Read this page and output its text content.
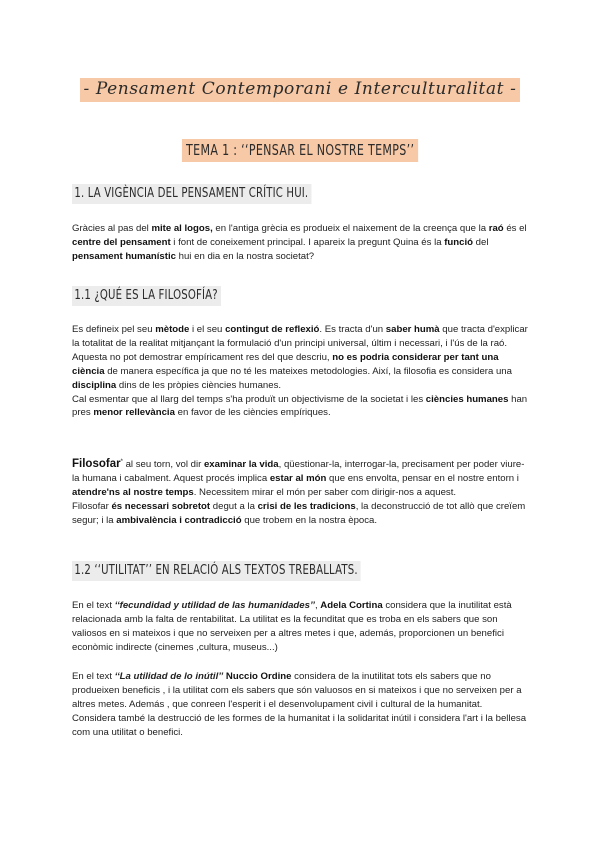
- Pensament Contemporani e Interculturalitat -
TEMA 1 : ‘‘PENSAR EL NOSTRE TEMPS’’
1. LA VIGÈNCIA DEL PENSAMENT CRÍTIC HUI.

Gràcies al pas del mite al logos, en l'antiga grècia es produeix el naixement de la creença que la raó és el centre del pensament i font de coneixement principal. I apareix la pregunt Quina és la funció del pensament humanístic hui en dia en la nostra societat?

1.1 ¿QUÉ ES LA FILOSOFÍA?

Es defineix pel seu mètode i el seu contingut de reflexió. Es tracta d'un saber humà que tracta d'explicar la totalitat de la realitat mitjançant la formulació d'un principi universal, últim i necessari, i l'ús de la raó.

Aquesta no pot demostrar empíricament res del que descriu, no es podria considerar per tant una ciència de manera específica ja que no té les mateixes metodologies. Així, la filosofia es considera una disciplina dins de les pròpies ciències humanes.

Cal esmentar que al llarg del temps s'ha produït un objectivisme de la societat i les ciències humanes han pres menor rellevància en favor de les ciències empíriques.

Filosofar* al seu torn, vol dir examinar la vida, qüestionar-la, interrogar-la, precisament per poder viure-la humana i cabalment. Aquest procés implica estar al món que ens envolta, pensar en el nostre entorn i atendre'ns al nostre temps. Necessitem mirar el món per saber com dirigir-nos a aquest.

Filosofar és necessari sobretot degut a la crisi de les tradicions, la deconstrucció de tot allò que creïem segur; i la ambivalència i contradicció que trobem en la nostra època.

1.2 ‘‘UTILITAT’’ EN RELACIÓ ALS TEXTOS TREBALLATS.

En el text ‘‘fecundidad y utilidad de las humanidades’’, Adela Cortina considera que la inutilitat està relacionada amb la falta de rentabilitat. La utilitat es la fecunditat que es troba en els sabers que son valiosos en si mateixos i que no serveixen per a altres metes i que, además, proporcionen un benefici econòmic indirecte (cinemes ,cultura, museus...)

En el text ‘‘La utilidad de lo inútil’’ Nuccio Ordine considera de la inutilitat tots els sabers que no produeixen beneficis , i la utilitat com els sabers que són valuosos en si mateixos i que no serveixen per a altres metes. Además , que conreen l'esperit i el desenvolupament civil i cultural de la humanitat. Considera també la destrucció de les formes de la humanitat i la solidaritat inútil i considera l'art i la bellesa com una utilitat o benefici.
